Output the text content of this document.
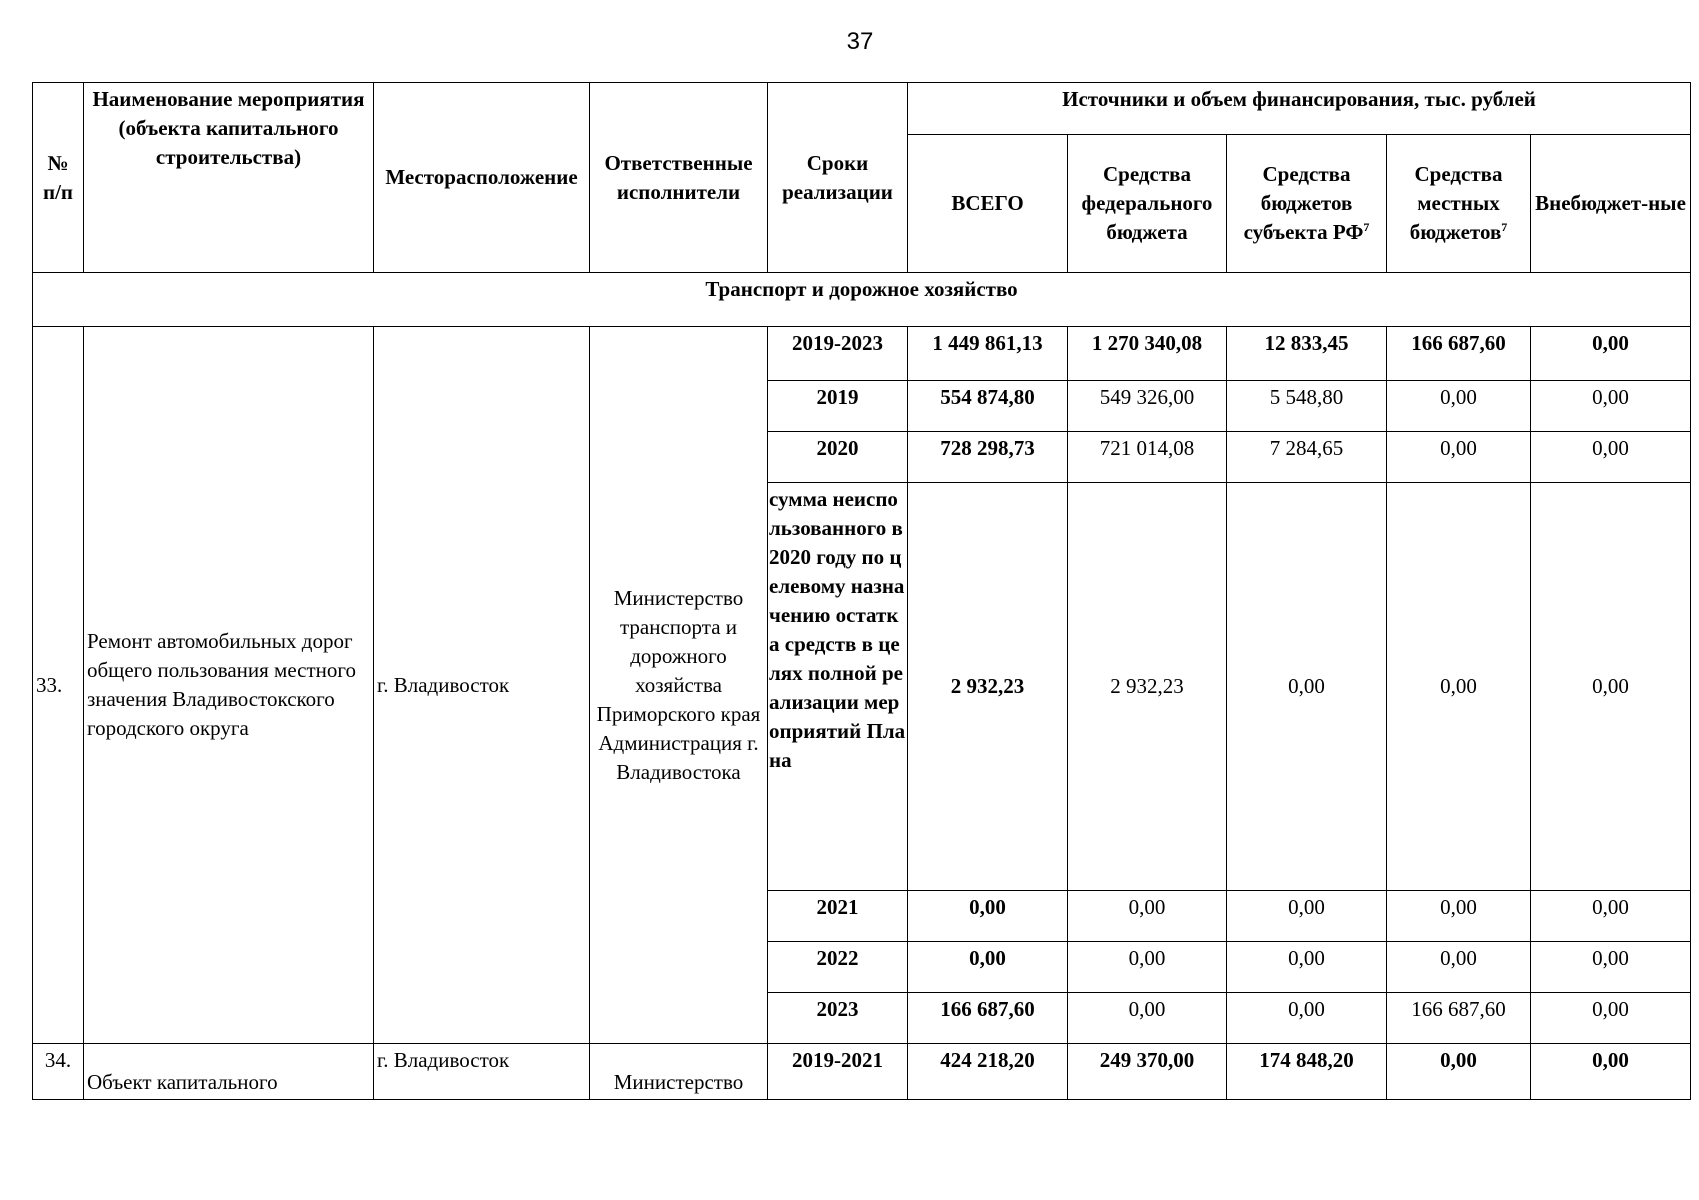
37
№ п/п	Наименование мероприятия (объекта капитального строительства)	Месторасположение	Ответственные исполнители	Сроки реализации	Источники и объем финансирования, тыс. рублей				
					ВСЕГО	Средства федерального бюджета	Средства бюджетов субъекта $РФ^7$	Средства местных бюджетов$^7$	Внебюджет-ные
Транспорт и дорожное хозяйство									
33.	Ремонт автомобильных дорог общего пользования местного значения Владивостокского городского округа	г. Владивосток	Министерство транспорта и дорожного хозяйства Приморского края Администрация г. Владивостока	2019-2023	1 449 861,13	1 270 340,08	12 833,45	166 687,60	0,00
				2019	554 874,80	549 326,00	5 548,80	0,00	0,00
				2020	728 298,73	721 014,08	7 284,65	0,00	0,00
				сумма неиспользованного в 2020 году по целевому назначению остатка средств в целях полной реализации мероприятий Плана	2 932,23	2 932,23	0,00	0,00	0,00
				2021	0,00	0,00	0,00	0,00	0,00
				2022	0,00	0,00	0,00	0,00	0,00
				2023	166 687,60	0,00	0,00	166 687,60	0,00
34.	Объект капитального	г. Владивосток	Министерство	2019-2021	424 218,20	249 370,00	174 848,20	0,00	0,00
